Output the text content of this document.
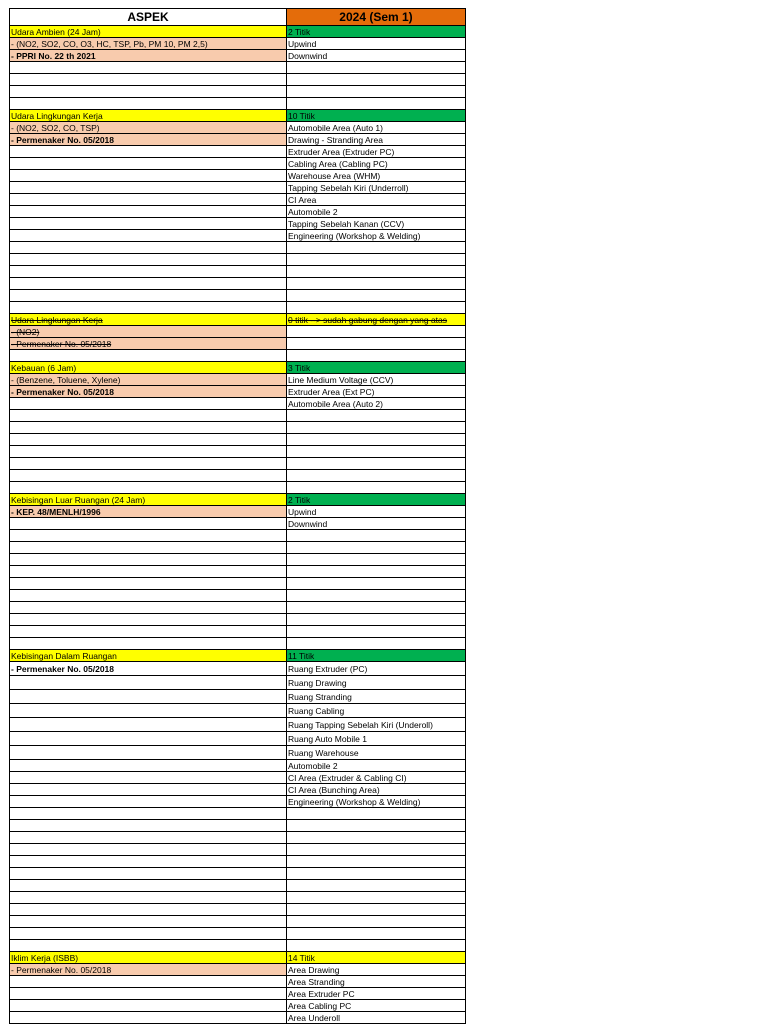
ASPEK	2024 (Sem 1)
Udara Ambien (24 Jam)	2 Titik
- (NO2, SO2, CO, O3, HC, TSP, Pb, PM 10, PM 2,5)	Upwind
- PPRI No. 22 th 2021	Downwind

Udara Lingkungan Kerja	10 Titik
- (NO2, SO2, CO, TSP)	Automobile Area (Auto 1)
- Permenaker No. 05/2018	Drawing - Stranding Area
	Extruder Area (Extruder PC)
	Cabling Area (Cabling PC)
	Warehouse Area (WHM)
	Tapping Sebelah Kiri (Underroll)
	CI Area
	Automobile 2
	Tapping Sebelah Kanan (CCV)
	Engineering (Workshop & Welding)

Udara Lingkungan Kerja	0 titik --> sudah gabung dengan yang atas
- (NO2)	
- Permenaker No. 05/2018	

Kebauan (6 Jam)	3 Titik
- (Benzene, Toluene, Xylene)	Line Medium Voltage (CCV)
- Permenaker No. 05/2018	Extruder Area (Ext PC)
	Automobile Area (Auto 2)

Kebisingan Luar Ruangan (24 Jam)	2 Titik
- KEP. 48/MENLH/1996	Upwind
	Downwind

Kebisingan Dalam Ruangan	11 Titik
- Permenaker No. 05/2018	Ruang Extruder (PC)
	Ruang Drawing
	Ruang Stranding
	Ruang Cabling
	Ruang Tapping Sebelah Kiri (Underoll)
	Ruang Auto Mobile 1
	Ruang Warehouse
	Automobile 2
	CI Area (Extruder & Cabling CI)
	CI Area (Bunching Area)
	Engineering (Workshop & Welding)

Iklim Kerja (ISBB)	14 Titik
- Permenaker No. 05/2018	Area Drawing
	Area Stranding
	Area Extruder PC
	Area Cabling PC
	Area Underoll
